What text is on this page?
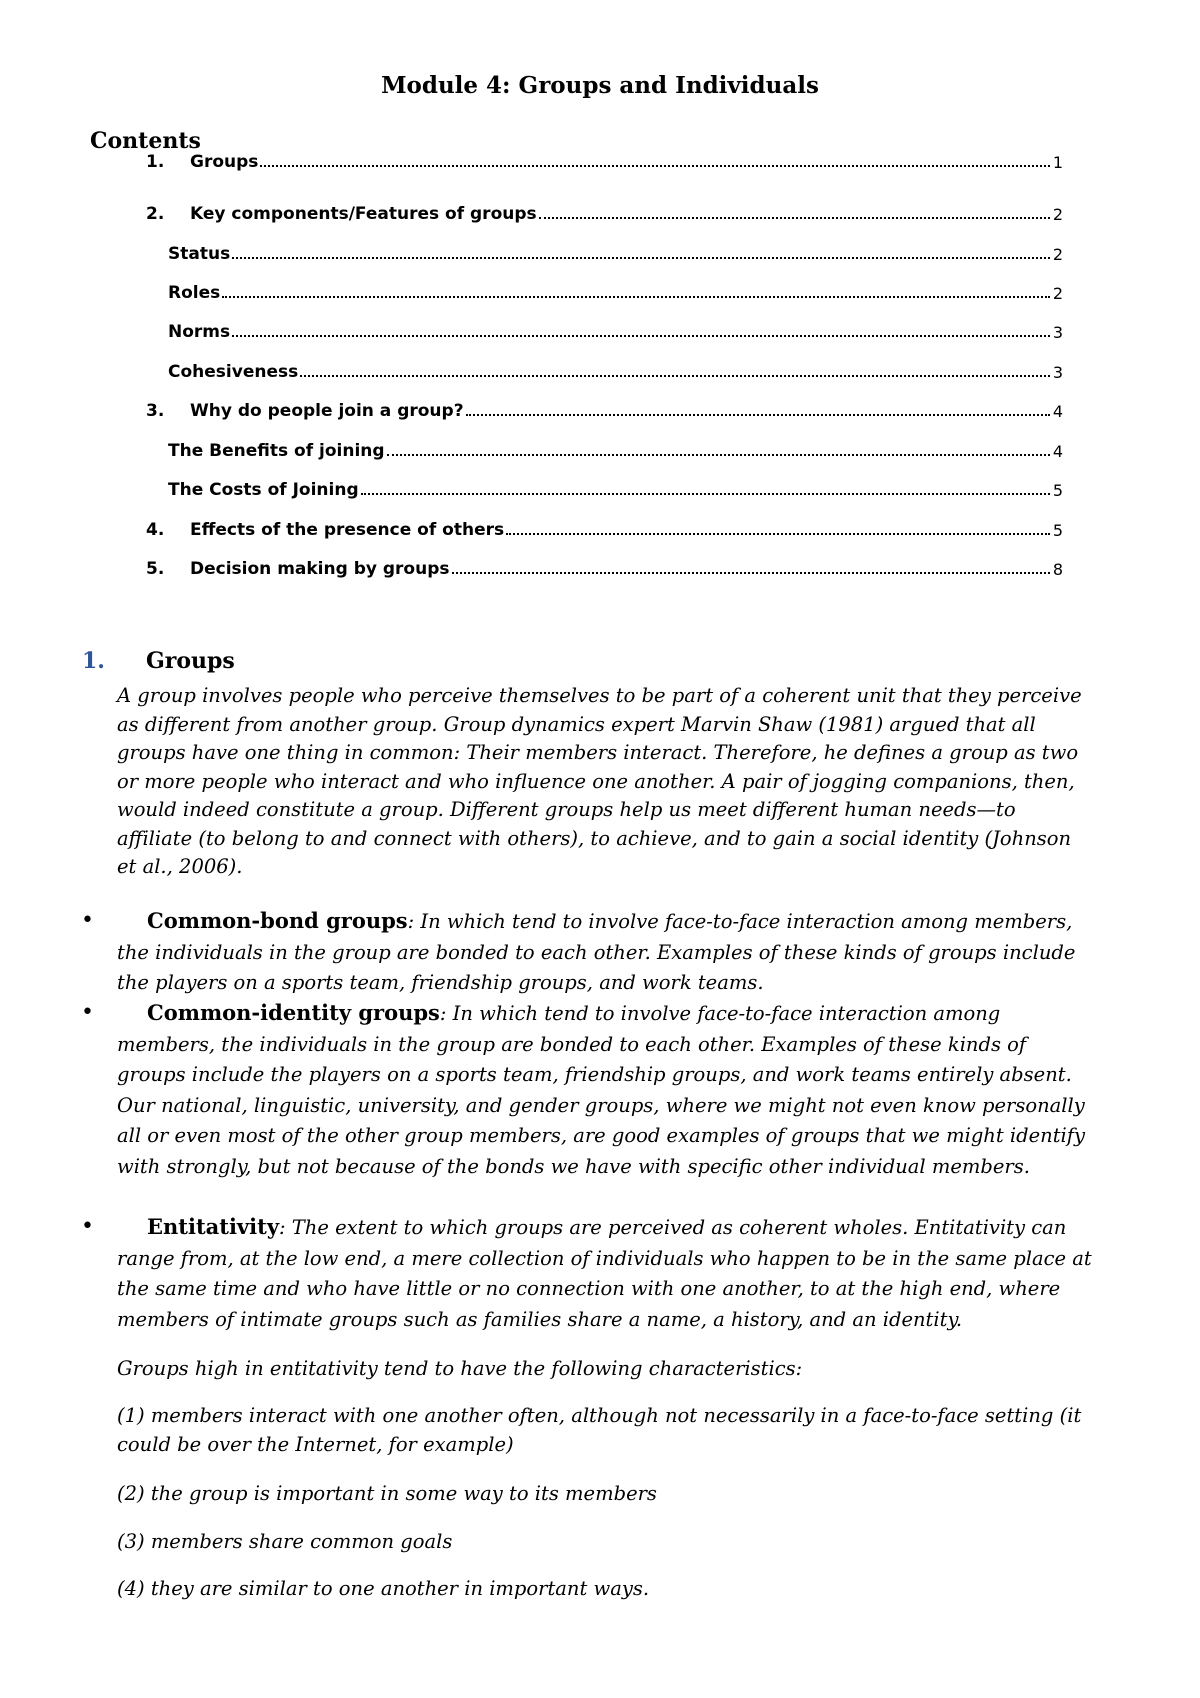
Module 4: Groups and Individuals
Contents
1.	Groups	1
2.	Key components/Features of groups	2
Status	2
Roles	2
Norms	3
Cohesiveness	3
3.	Why do people join a group?	4
The Benefits of joining	4
The Costs of Joining	5
4.	Effects of the presence of others	5
5.	Decision making by groups	8
1.	Groups
A group involves people who perceive themselves to be part of a coherent unit that they perceive as different from another group. Group dynamics expert Marvin Shaw (1981) argued that all groups have one thing in common: Their members interact. Therefore, he defines a group as two or more people who interact and who influence one another. A pair of jogging companions, then, would indeed constitute a group. Different groups help us meet different human needs—to affiliate (to belong to and connect with others), to achieve, and to gain a social identity (Johnson et al., 2006).
•	Common-bond groups: In which tend to involve face-to-face interaction among members, the individuals in the group are bonded to each other. Examples of these kinds of groups include the players on a sports team, friendship groups, and work teams.
•	Common-identity groups: In which tend to involve face-to-face interaction among members, the individuals in the group are bonded to each other. Examples of these kinds of groups include the players on a sports team, friendship groups, and work teams entirely absent. Our national, linguistic, university, and gender groups, where we might not even know personally all or even most of the other group members, are good examples of groups that we might identify with strongly, but not because of the bonds we have with specific other individual members.
•	Entitativity: The extent to which groups are perceived as coherent wholes. Entitativity can range from, at the low end, a mere collection of individuals who happen to be in the same place at the same time and who have little or no connection with one another, to at the high end, where members of intimate groups such as families share a name, a history, and an identity.
Groups high in entitativity tend to have the following characteristics:
(1) members interact with one another often, although not necessarily in a face-to-face setting (it could be over the Internet, for example)
(2) the group is important in some way to its members
(3) members share common goals
(4) they are similar to one another in important ways.
